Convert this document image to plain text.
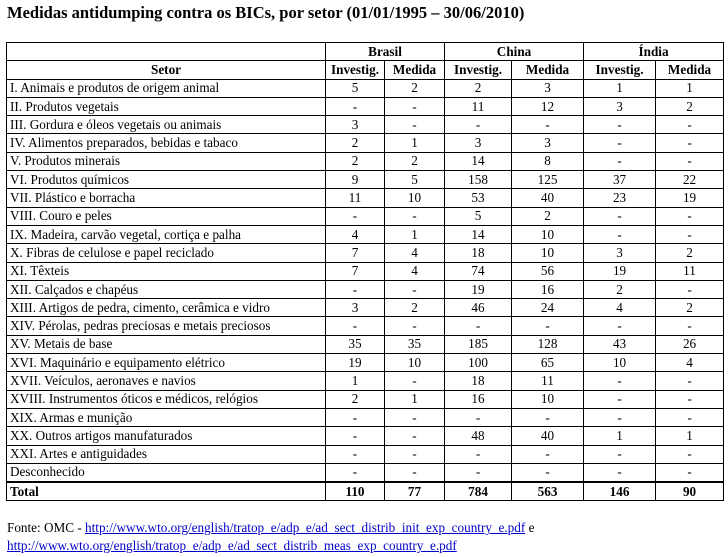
Medidas antidumping contra os BICs, por setor (01/01/1995 – 30/06/2010)
	Brasil		China		Índia	
Setor	Investig.	Medida	Investig.	Medida	Investig.	Medida
I. Animais e produtos de origem animal	5	2	2	3	1	1
II. Produtos vegetais	-	-	11	12	3	2
III. Gordura e óleos vegetais ou animais	3	-	-	-	-	-
IV. Alimentos preparados, bebidas e tabaco	2	1	3	3	-	-
V. Produtos minerais	2	2	14	8	-	-
VI. Produtos químicos	9	5	158	125	37	22
VII. Plástico e borracha	11	10	53	40	23	19
VIII. Couro e peles	-	-	5	2	-	-
IX. Madeira, carvão vegetal, cortiça e palha	4	1	14	10	-	-
X. Fibras de celulose e papel reciclado	7	4	18	10	3	2
XI. Têxteis	7	4	74	56	19	11
XII. Calçados e chapéus	-	-	19	16	2	-
XIII. Artigos de pedra, cimento, cerâmica e vidro	3	2	46	24	4	2
XIV. Pérolas, pedras preciosas e metais preciosos	-	-	-	-	-	-
XV. Metais de base	35	35	185	128	43	26
XVI. Maquinário e equipamento elétrico	19	10	100	65	10	4
XVII. Veículos, aeronaves e navios	1	-	18	11	-	-
XVIII. Instrumentos óticos e médicos, relógios	2	1	16	10	-	-
XIX. Armas e munição	-	-	-	-	-	-
XX. Outros artigos manufaturados	-	-	48	40	1	1
XXI. Artes e antiguidades	-	-	-	-	-	-
Desconhecido	-	-	-	-	-	-
Total	110	77	784	563	146	90
Fonte: OMC - http://www.wto.org/english/tratop_e/adp_e/ad_sect_distrib_init_exp_country_e.pdf e
http://www.wto.org/english/tratop_e/adp_e/ad_sect_distrib_meas_exp_country_e.pdf
